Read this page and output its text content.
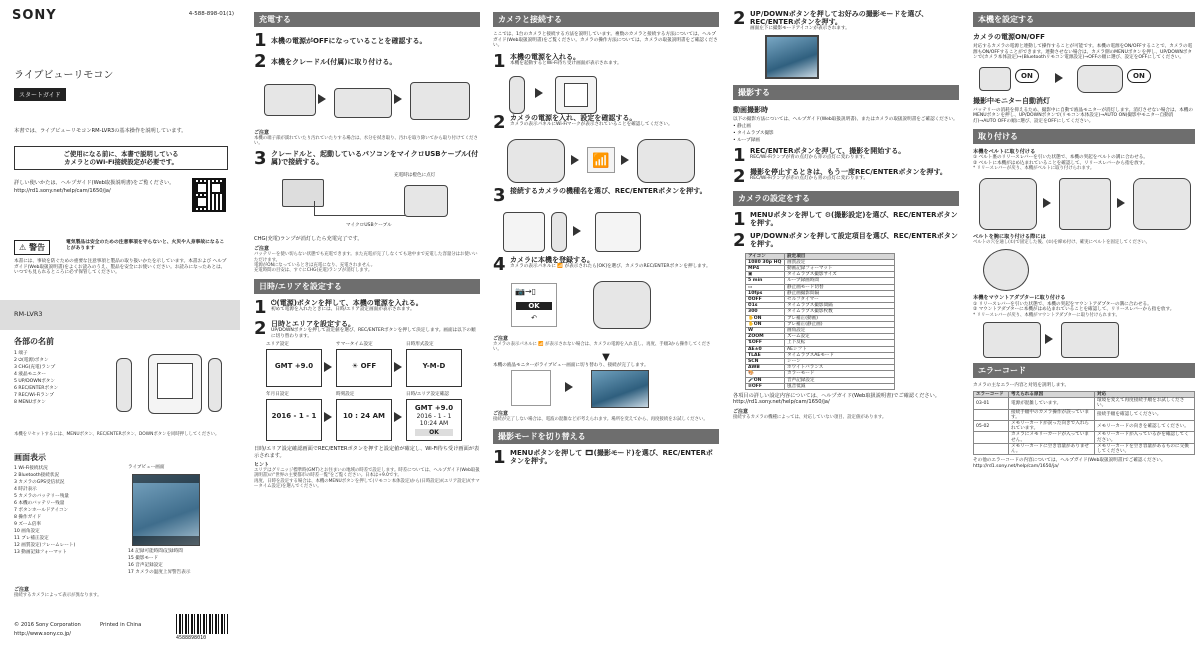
SONY	4-588-898-01(1)
ライブビューリモコン
スタートガイド
本書では、ライブビューリモコンRM-LVR3の基本操作を説明しています。
ご使用になる前に、本書で説明している
カメラとのWi-Fi接続設定が必要です。
詳しい使いかたは、ヘルプガイド(Web取扱説明書)をご覧ください。
http://rd1.sony.net/help/cam/1650/ja/
⚠ 警告
電気製品は安全のための注意事項を守らないと、火災や人身事故になることがあります
本書には、事故を防ぐための重要な注意事項と製品の取り扱いかたを示しています。本書および ヘルプガイド(Web取扱説明書)をよくお読みのうえ、製品を安全にお使いください。お読みになったあとは、いつでも見られるところに必ず保管してください。
RM-LVR3
各部の名前
1 端子
2 ⏻(電源)ボタン
3 CHG(充電)ランプ
4 液晶モニター
5 UP/DOWNボタン
6 REC/ENTERボタン
7 REC/Wi-Fiランプ
8 MENUボタン
本機をリセットするには、MENUボタン、REC/ENTERボタン、DOWNボタンを同時押ししてください。
画面表示
1 Wi-Fi接続状況
2 Bluetooth接続状況
3 カメラのGPS受信状況
4 時計表示
5 カメラのバッテリー残量
6 本機のバッテリー残量
7 ボタンホールドアイコン
8 操作ガイド
9 ズーム倍率
10 画角設定
11 ブレ補正設定
12 画質設定(フレームレート)
13 動画記録フォーマット
ライブビュー画面
14 記録可能時間/記録時間
15 撮影モード
16 音声記録設定
17 カメラの温度上昇警告表示
ご注意
接続するカメラによって表示が異なります。
© 2016 Sony Corporation	Printed in China
http://www.sony.co.jp/
4588898010
充電する
1 本機の電源がOFFになっていることを確認する。
2 本機をクレードル(付属)に取り付ける。
ご注意
本機の端子部が濡れていたり汚れていたりする場合は、水分を拭き取り、汚れを取り除いてから取り付けてください。
3 クレードルと、起動しているパソコンをマイクロUSBケーブル(付属)で接続する。
充電時は橙色に点灯
マイクロUSBケーブル
CHG(充電)ランプが消灯したら充電完了です。
ご注意
バッテリーを使い切らない状態でも充電できます。また充電が完了しなくても途中まで充電した容量分はお使いいただけます。
電源がONになっているときは充電になり、充電されません。
充電時間の目安は、すぐにCHG(充電)ランプが消灯します。
日時/エリアを設定する
1 ⏻(電源)ボタンを押して、本機の電源を入れる。
初めて電源を入れたときには、日時/エリア設定画面が表示されます。
2 日時とエリアを設定する。
UP/DOWNボタンを押して設定値を選び、REC/ENTERボタンを押して決定します。画面は以下の順に切り替わります。
エリア設定
GMT +9.0
サマータイム設定
☀ OFF
日時形式設定
Y-M-D
年月日設定
2016 - 1 - 1
時刻設定
10 : 24 AM
日時/エリア設定確認
GMT +9.0
2016 - 1 - 1
10:24 AM
OK
日時/エリア設定確認画面でREC/ENTERボタンを押すと設定値が確定し、Wi-Fi待ち受け画面が表示されます。
ヒント
エリアはグリニッジ標準時(GMT)とお住まいの地域の時差で設定します。時差については、ヘルプガイド(Web取扱説明書)の"世界の主要都市の時差一覧"をご覧ください。日本は+9.0です。
再度、日時を設定する場合は、本機のMENUボタンを押して(リモコン本体設定)から(日時設定)/(エリア設定)/(サマータイム設定)を選んでください。
カメラと接続する
ここでは、1台のカメラと接続する方法を説明しています。複数のカメラと接続する方法については、ヘルプガイド(Web取扱説明書)をご覧ください。カメラの操作方法については、カメラの取扱説明書をご確認ください。
1 本機の電源を入れる。
本機を起動するとWi-Fi待ち受け画面が表示されます。
2 カメラの電源を入れ、設定を確認する。
カメラの表示パネルにWi-Fiマークが表示されていることを確認してください。
📶
3 接続するカメラの機種名を選び、REC/ENTERボタンを押す。
4 カメラに本機を登録する。
カメラの表示パネルに 📶 が表示されたら[OK]を選び、カメラのREC/ENTERボタンを押します。
📷→▯
OK
↶
ご注意
カメラの表示パネルに 📶 が表示されない場合は、カメラの電源を入れ直し、再度、手順3から操作してください。
▼
本機の液晶モニターがライブビュー画面に切り替わり、接続が完了します。
ご注意
接続が完了しない場合は、電波の混雑などが考えられます。場所を変えてから、再度接続をお試しください。
撮影モードを切り替える
1 MENUボタンを押して 🎞(撮影モード)を選び、REC/ENTERボタンを押す。
2 UP/DOWNボタンを押してお好みの撮影モードを選び、REC/ENTERボタンを押す。
画面左下に撮影モードアイコンが表示されます。
撮影する
動画撮影時
以下の撮影方法については、ヘルプガイド(Web取扱説明書)、またはカメラの取扱説明書をご確認ください。
• 静止画
• タイムラプス撮影
• ループ録画
1 REC/ENTERボタンを押して、撮影を開始する。
REC/Wi-Fiランプが青の点灯から赤の点灯に変わります。
2 撮影を停止するときは、もう一度REC/ENTERボタンを押す。
REC/Wi-Fiランプが赤の点灯から青の点灯に変わります。
カメラの設定をする
1 MENUボタンを押して ⚙(撮影設定)を選び、REC/ENTERボタンを押す。
2 UP/DOWNボタンを押して設定項目を選び、REC/ENTERボタンを押す。
アイコン	設定項目
1080 30p HQ	画質設定
MP4	動画記録フォーマット
▣	タイムラプス撮影サイズ
5 min	ループ録画時間
▭	静止画モード切替
10fps	静止画撮影間隔
⏱OFF	セルフタイマー
⏱1s	タイムラプス撮影間隔
300	タイムラプス撮影枚数
✋ON	ブレ補正(動画)
✋ON	ブレ補正(静止画)
W	画角設定
ZOOM	ズーム設定
⇅OFF	上下反転
AE±0	AEシフト
TLAE	タイムラプスAEモード
SCN	シーン
AWB	ホワイトバランス
🎨	カラーモード
🎤ON	音声記録設定
≋OFF	風音低減
各項目の詳しい設定内容については、ヘルプガイド(Web取扱説明書)でご確認ください。
http://rd1.sony.net/help/cam/1650/ja/
ご注意
接続するカメラの機種によっては、対応していない項目、設定値があります。
本機を設定する
カメラの電源ON/OFF
対応するカメラの電源と連動して操作することが可能です。本機の電源をON/OFFすることで、カメラの電源もON/OFFすることができます。連動させない場合は、カメラ側のMENUボタンを押し、UP/DOWNボタンで(カメラ本体設定)→(Bluetoothリモコン電源設定)→OFFの順に選び、設定をOFFにしてください。
ON	ON
撮影中モニター自動消灯
バッテリーの消耗を抑えるため、撮影中に自動で液晶モニターが消灯します。消灯させない場合は、本機のMENUボタンを押し、UP/DOWNボタンで(リモコン本体設定)→AUTO ON(撮影中モニター自動消灯)→AUTO OFFの順に選び、設定をOFFにしてください。
取り付ける
本機をベルトに取り付ける
① ベルト裏のリリースレバーを引いた状態で、本機の突起をベルトの溝に合わせる。
② ベルトに本機がはめ込まれていることを確認して、リリースレバーから指を放す。
* リリースレバーが戻り、本機がベルトに取り付けられます。
ベルトを腕に取り付ける際には
ベルトの穴を通し(①)で固定した後、(②)を締め付け、確実にベルトを固定してください。
本機をマウントアダプターに取り付ける
① リリースレバーを引いた状態で、本機の突起をマウントアダプターの溝に合わせる。
② マウントアダプターに本機がはめ込まれていることを確認して、リリースレバーから指を放す。
* リリースレバーが戻り、本機がマウントアダプターに取り付けられます。
エラーコード
カメラの主なエラー内容と対処を説明します。
エラーコード	考えられる原因	対応
03-01	電源が混雑しています。	環境を変えて再度接続手順をお試しください。
	接続手順中のカメラ操作が誤っています。	接続手順を確認してください。
05-02	メモリーカードが誤った向きで入れられています。	メモリーカードの向きを確認してください。
	カメラにメモリーカードが入っていません。	メモリーカードが入っているかを確認してください。
	メモリーカードに空き容量がありません。	メモリーカードを空き容量があるものに交換してください。
その他のエラーコードの内容については、ヘルプガイド(Web取扱説明書)でご確認ください。
http://rd1.sony.net/help/cam/1650/ja/
